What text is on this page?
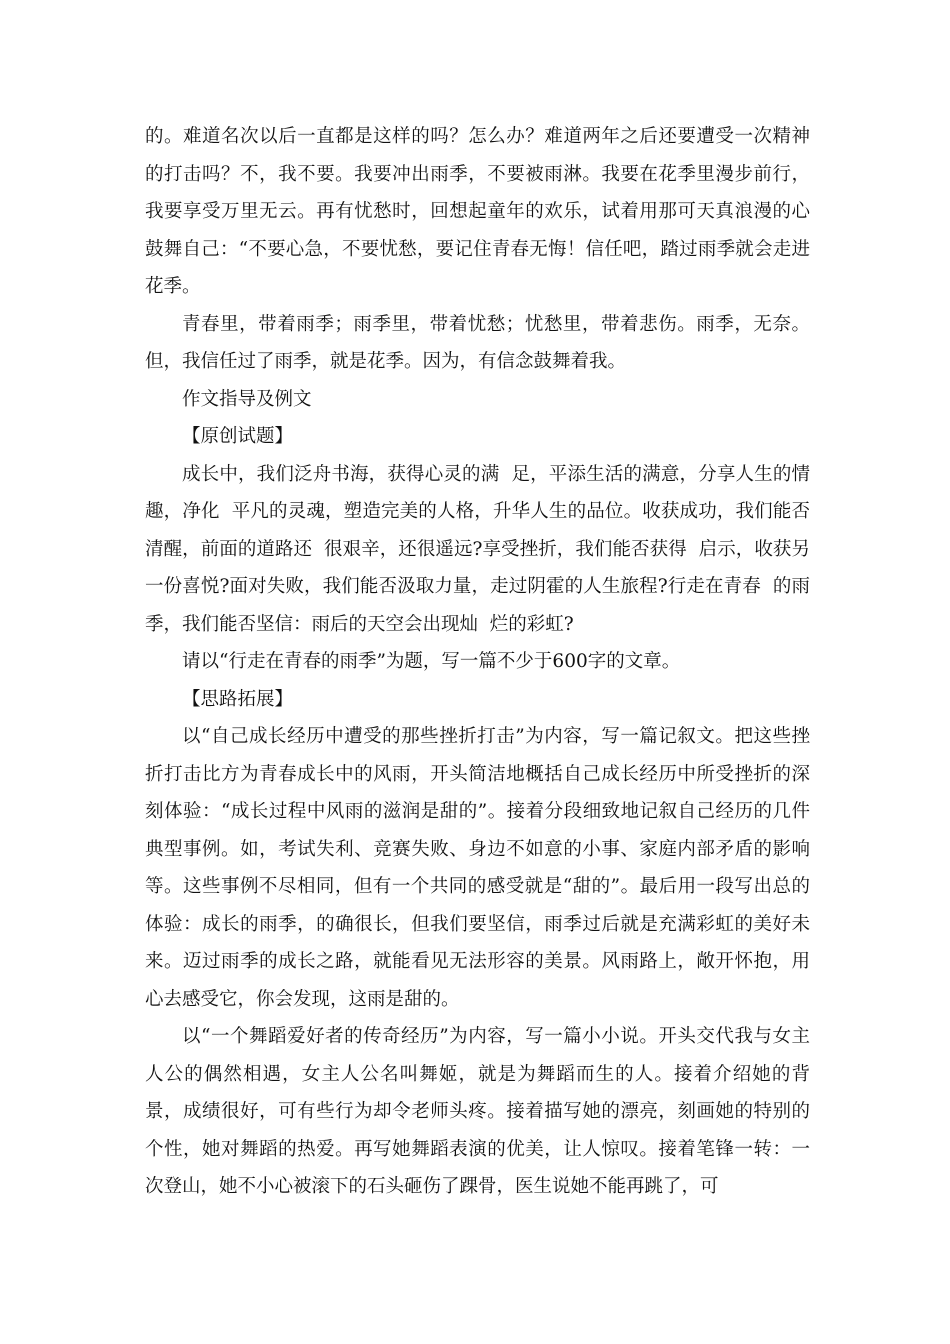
的。难道名次以后一直都是这样的吗？怎么办？难道两年之后还要遭受一次精神的打击吗？不，我不要。我要冲出雨季，不要被雨淋。我要在花季里漫步前行，我要享受万里无云。再有忧愁时，回想起童年的欢乐，试着用那可天真浪漫的心鼓舞自己：“不要心急，不要忧愁，要记住青春无悔！信任吧，踏过雨季就会走进花季。

青春里，带着雨季；雨季里，带着忧愁；忧愁里，带着悲伤。雨季，无奈。但，我信任过了雨季，就是花季。因为，有信念鼓舞着我。

作文指导及例文

【原创试题】

成长中，我们泛舟书海，获得心灵的满  足，平添生活的满意，分享人生的情趣，净化  平凡的灵魂，塑造完美的人格，升华人生的品位。收获成功，我们能否清醒，前面的道路还  很艰辛，还很遥远?享受挫折，我们能否获得  启示，收获另一份喜悦?面对失败，我们能否汲取力量，走过阴霍的人生旅程?行走在青春  的雨季，我们能否坚信：雨后的天空会出现灿  烂的彩虹?

请以“行走在青春的雨季”为题，写一篇不少于600字的文章。

【思路拓展】

以“自己成长经历中遭受的那些挫折打击”为内容，写一篇记叙文。把这些挫折打击比方为青春成长中的风雨，开头简洁地概括自己成长经历中所受挫折的深刻体验：“成长过程中风雨的滋润是甜的”。接着分段细致地记叙自己经历的几件典型事例。如，考试失利、竞赛失败、身边不如意的小事、家庭内部矛盾的影响等。这些事例不尽相同，但有一个共同的感受就是“甜的”。最后用一段写出总的体验：成长的雨季，的确很长，但我们要坚信，雨季过后就是充满彩虹的美好未来。迈过雨季的成长之路，就能看见无法形容的美景。风雨路上，敞开怀抱，用心去感受它，你会发现，这雨是甜的。

以“一个舞蹈爱好者的传奇经历”为内容，写一篇小小说。开头交代我与女主人公的偶然相遇，女主人公名叫舞姬，就是为舞蹈而生的人。接着介绍她的背景，成绩很好，可有些行为却令老师头疼。接着描写她的漂亮，刻画她的特别的个性，她对舞蹈的热爱。再写她舞蹈表演的优美，让人惊叹。接着笔锋一转：一次登山，她不小心被滚下的石头砸伤了踝骨，医生说她不能再跳了，可
